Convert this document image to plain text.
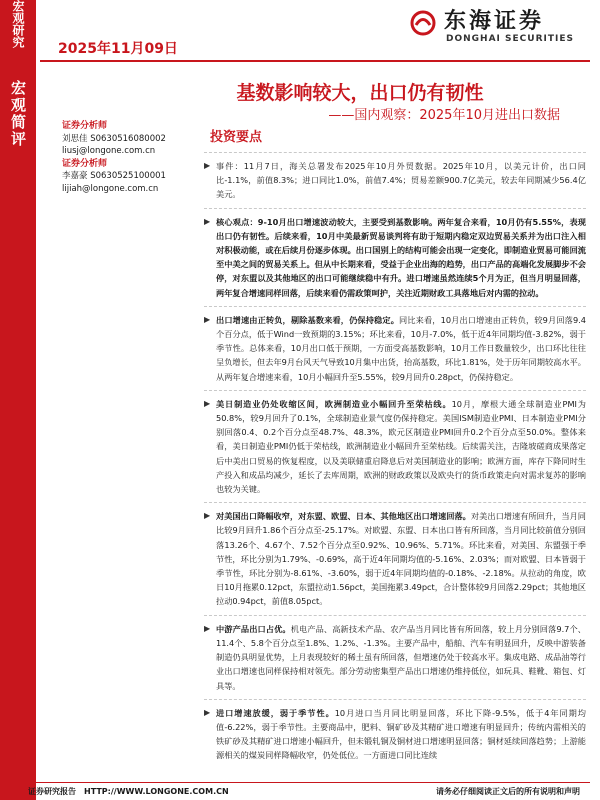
宏观研究
宏观简评
2025年11月09日
东海证券
DONGHAI SECURITIES
基数影响较大，出口仍有韧性
——国内观察：2025年10月进出口数据
证券分析师
刘思佳 S0630516080002
liusj@longone.com.cn
证券分析师
李嘉豪 S0630525100001
lijiah@longone.com.cn
投资要点
▶ 事件：11月7日，海关总署发布2025年10月外贸数据。2025年10月，以美元计价，出口同比-1.1%，前值8.3%；进口同比1.0%，前值7.4%；贸易差额900.7亿美元，较去年同期减少56.4亿美元。
▶ 核心观点：9-10月出口增速波动较大，主要受到基数影响。两年复合来看，10月仍有5.55%，表现出口仍有韧性。后续来看，10月中美最新贸易谈判将有助于短期内稳定双边贸易关系并为出口注入相对积极动能，或在后续月份逐步体现。出口国别上的结构可能会出现一定变化，即制造业贸易可能回流至中美之间的贸易关系上。但从中长期来看，受益于企业出海的趋势，出口产品的高端化发展脚步不会停，对东盟以及其他地区的出口可能继续稳中有升。进口增速虽然连续5个月为正，但当月明显回落，两年复合增速同样回落，后续来看仍需政策呵护，关注近期财政工具落地后对内需的拉动。
▶ 出口增速由正转负，剔除基数来看，仍保持稳定。同比来看，10月出口增速由正转负，较9月回落9.4个百分点，低于Wind一致预期的3.15%；环比来看，10月-7.0%，低于近4年同期均值-3.82%，弱于季节性。总体来看，10月出口低于预期，一方面受高基数影响，10月工作日数量较少，出口环比往往呈负增长，但去年9月台风天气导致10月集中出货，抬高基数，环比1.81%，处于历年同期较高水平。从两年复合增速来看，10月小幅回升至5.55%，较9月回升0.28pct，仍保持稳定。
▶ 美日制造业仍处收缩区间，欧洲制造业小幅回升至荣枯线。10月，摩根大通全球制造业PMI为50.8%，较9月回升了0.1%，全球制造业景气度仍保持稳定。美国ISM制造业PMI、日本制造业PMI分别回落0.4、0.2个百分点至48.7%、48.3%，欧元区制造业PMI回升0.2个百分点至50.0%。整体来看，美日制造业PMI仍低于荣枯线，欧洲制造业小幅回升至荣枯线。后续需关注，吉隆坡磋商成果落定后中美出口贸易的恢复程度，以及美联储重启降息后对美国制造业的影响；欧洲方面，库存下降同时生产投入和成品均减少，延长了去库周期，欧洲的财政政策以及欧央行的货币政策走向对需求复苏的影响也较为关键。
▶ 对美国出口降幅收窄，对东盟、欧盟、日本、其他地区出口增速回落。对美出口增速有所回升，当月同比较9月回升1.86个百分点至-25.17%。对欧盟、东盟、日本出口皆有所回落，当月同比较前值分别回落13.26个、4.67个、7.52个百分点至0.92%、10.96%、5.71%。环比来看，对美国、东盟强于季节性，环比分别为1.79%、-0.69%，高于近4年同期均值的-5.16%、2.03%；而对欧盟、日本皆弱于季节性，环比分别为-8.61%、-3.60%，弱于近4年同期均值的-0.18%、-2.18%。从拉动的角度，欧日10月拖累0.12pct，东盟拉动1.56pct，美国拖累3.49pct，合计整体较9月回落2.29pct；其他地区拉动0.94pct，前值8.05pct。
▶ 中游产品出口占优。机电产品、高新技术产品、农产品当月同比皆有所回落，较上月分别回落9.7个、11.4个、5.8个百分点至1.8%、1.2%、-1.3%。主要产品中，船舶、汽车有明显回升，反映中游装备制造仍具明显优势，上月表现较好的稀土虽有所回落，但增速仍处于较高水平。集成电路、成品油等行业出口增速也同样保持相对领先。部分劳动密集型产品出口增速仍维持低位，如玩具、鞋靴、箱包、灯具等。
▶ 进口增速放缓，弱于季节性。10月进口当月同比明显回落，环比下降-9.5%，低于4年同期均值-6.22%，弱于季节性。主要商品中，肥料、铜矿砂及其精矿进口增速有明显回升；传统内需相关的铁矿砂及其精矿进口增速小幅回升，但未锻轧铜及铜材进口增速明显回落；铜材延续回落趋势；上游能源相关的煤炭同样降幅收窄，仍处低位。一方面进口同比连续
证券研究报告　HTTP://WWW.LONGONE.COM.CN	请务必仔细阅读正文后的所有说明和声明
